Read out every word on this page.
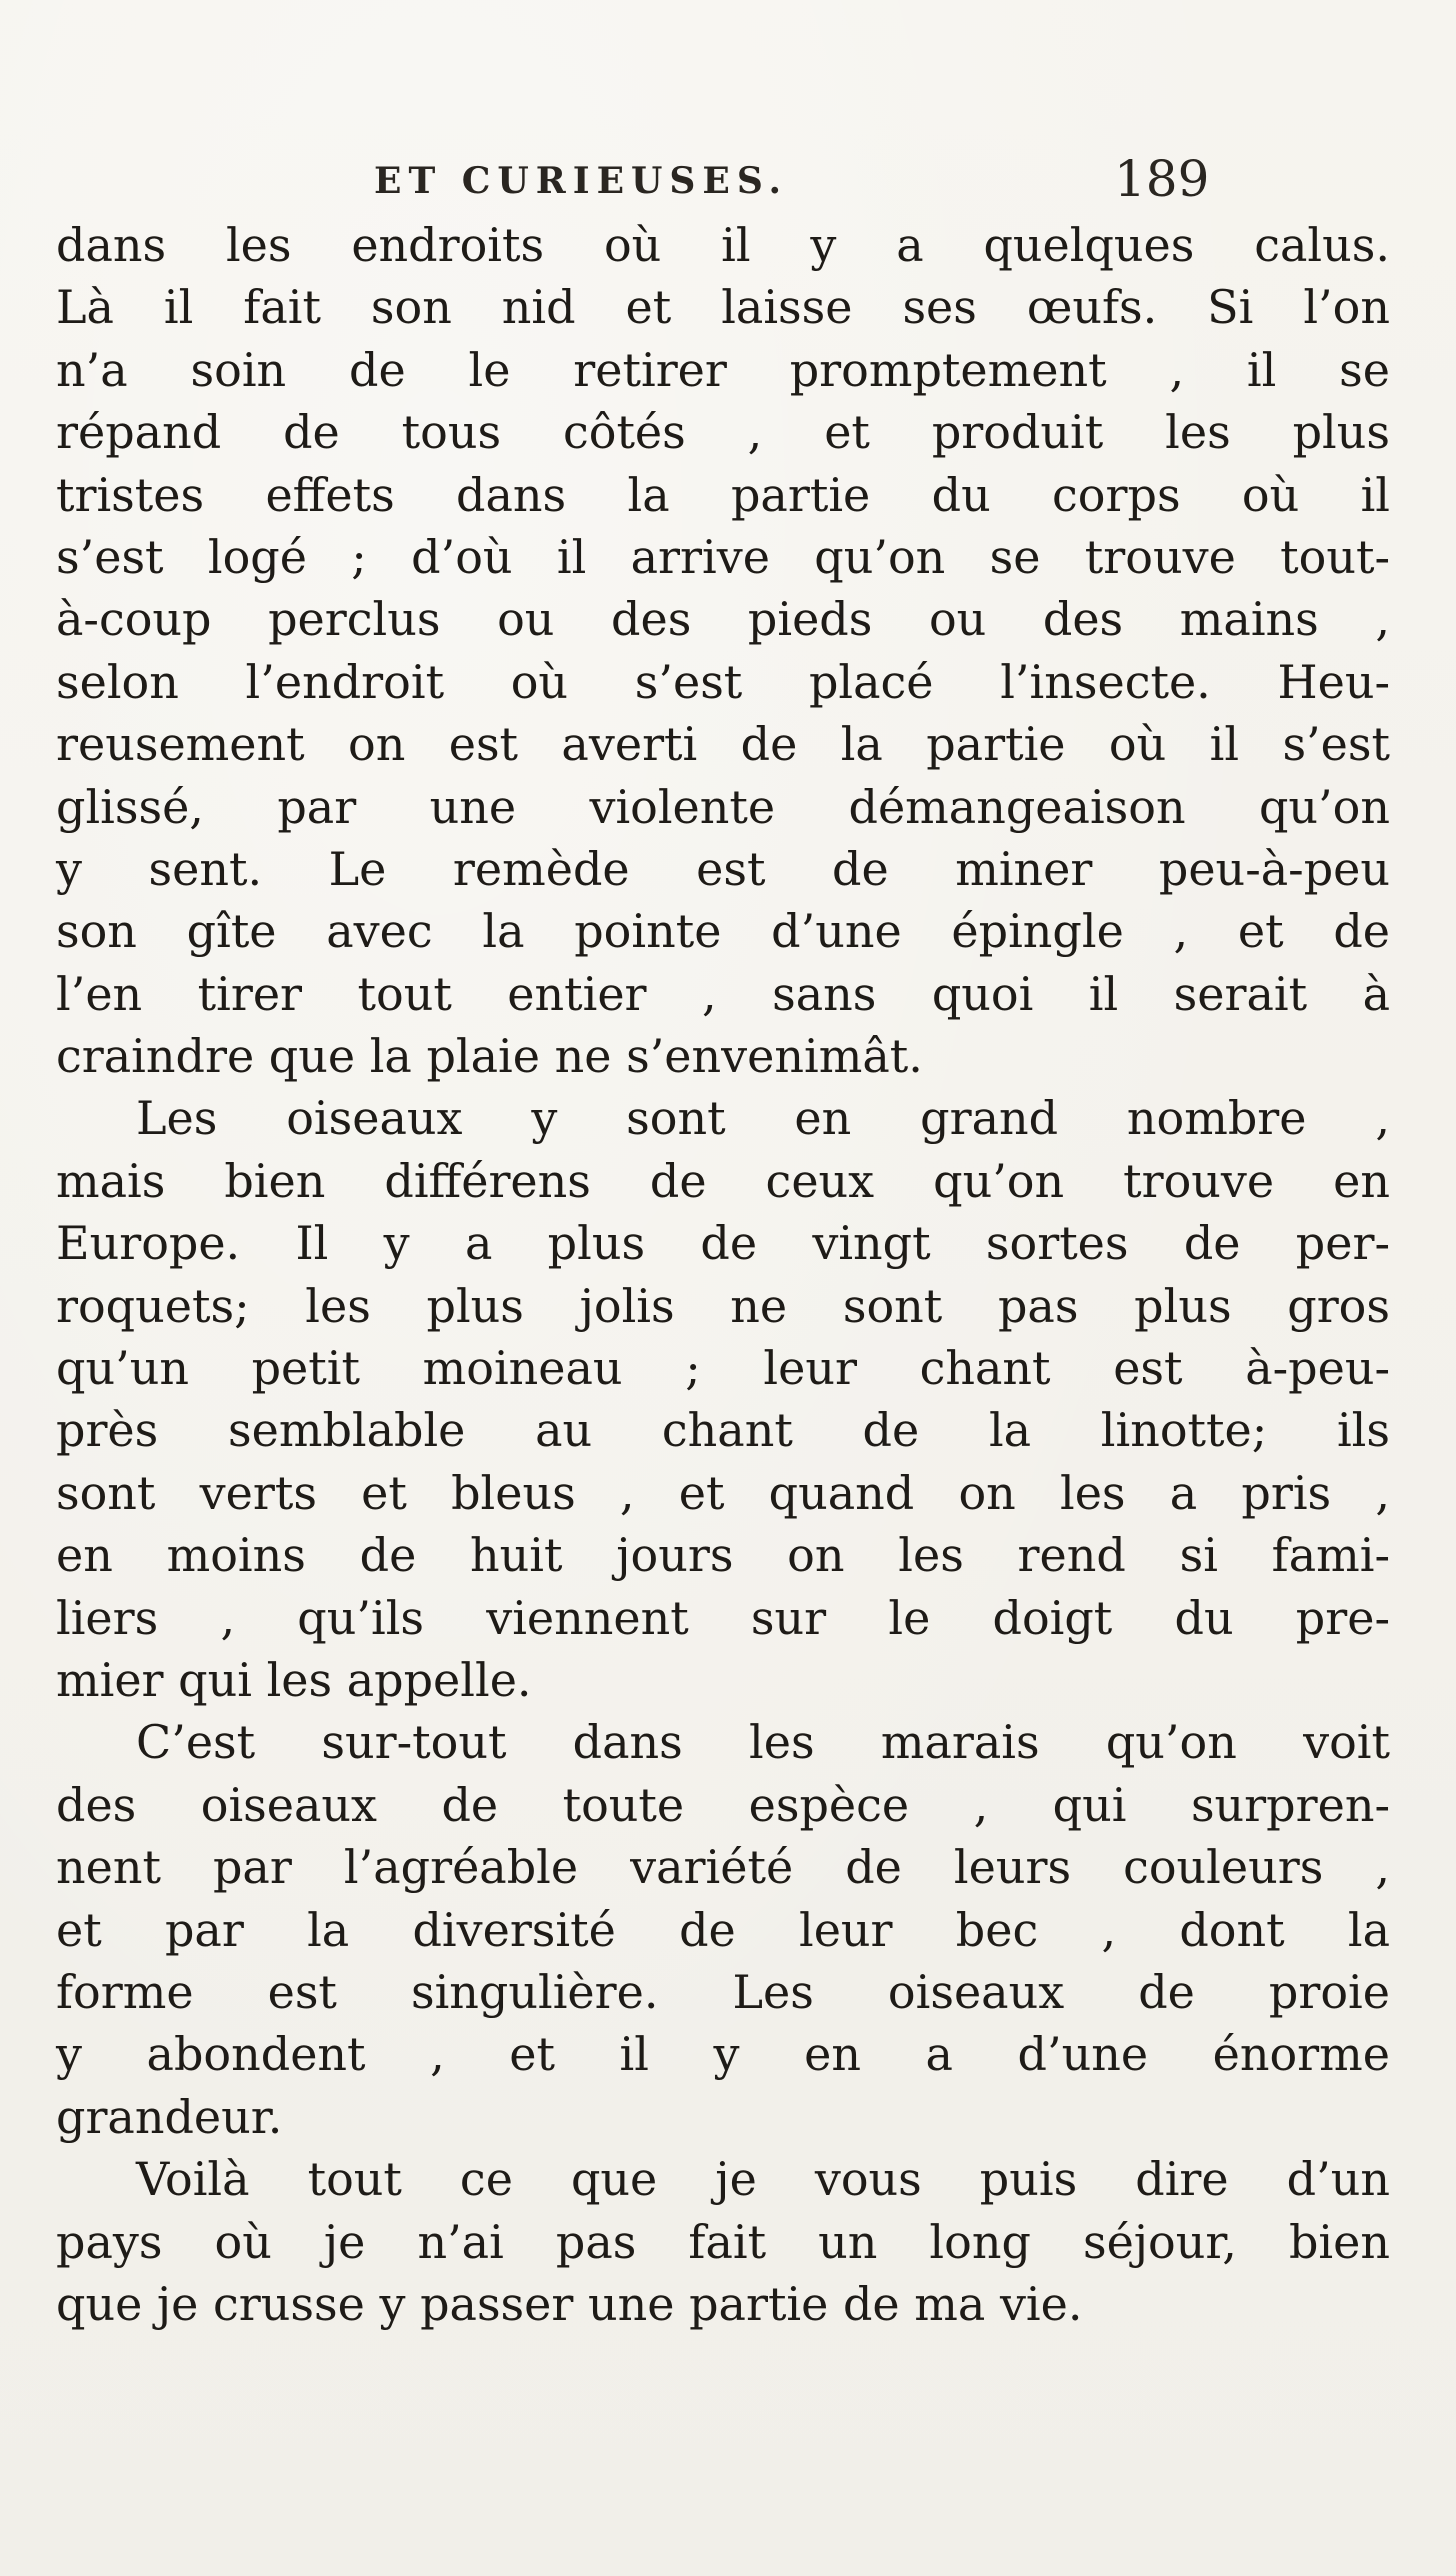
ET CURIEUSES.	189
dans les endroits où il y a quelques calus.
Là il fait son nid et laisse ses œufs. Si l’on
n’a soin de le retirer promptement , il se
répand de tous côtés , et produit les plus
tristes effets dans la partie du corps où il
s’est logé ; d’où il arrive qu’on se trouve tout-
à-coup perclus ou des pieds ou des mains ,
selon l’endroit où s’est placé l’insecte. Heu-
reusement on est averti de la partie où il s’est
glissé, par une violente démangeaison qu’on
y sent. Le remède est de miner peu-à-peu
son gîte avec la pointe d’une épingle , et de
l’en tirer tout entier , sans quoi il serait à
craindre que la plaie ne s’envenimât.
Les oiseaux y sont en grand nombre ,
mais bien différens de ceux qu’on trouve en
Europe. Il y a plus de vingt sortes de per-
roquets; les plus jolis ne sont pas plus gros
qu’un petit moineau ; leur chant est à-peu-
près semblable au chant de la linotte; ils
sont verts et bleus , et quand on les a pris ,
en moins de huit jours on les rend si fami-
liers , qu’ils viennent sur le doigt du pre-
mier qui les appelle.
C’est sur-tout dans les marais qu’on voit
des oiseaux de toute espèce , qui surpren-
nent par l’agréable variété de leurs couleurs ,
et par la diversité de leur bec , dont la
forme est singulière. Les oiseaux de proie
y abondent , et il y en a d’une énorme
grandeur.
Voilà tout ce que je vous puis dire d’un
pays où je n’ai pas fait un long séjour, bien
que je crusse y passer une partie de ma vie.
